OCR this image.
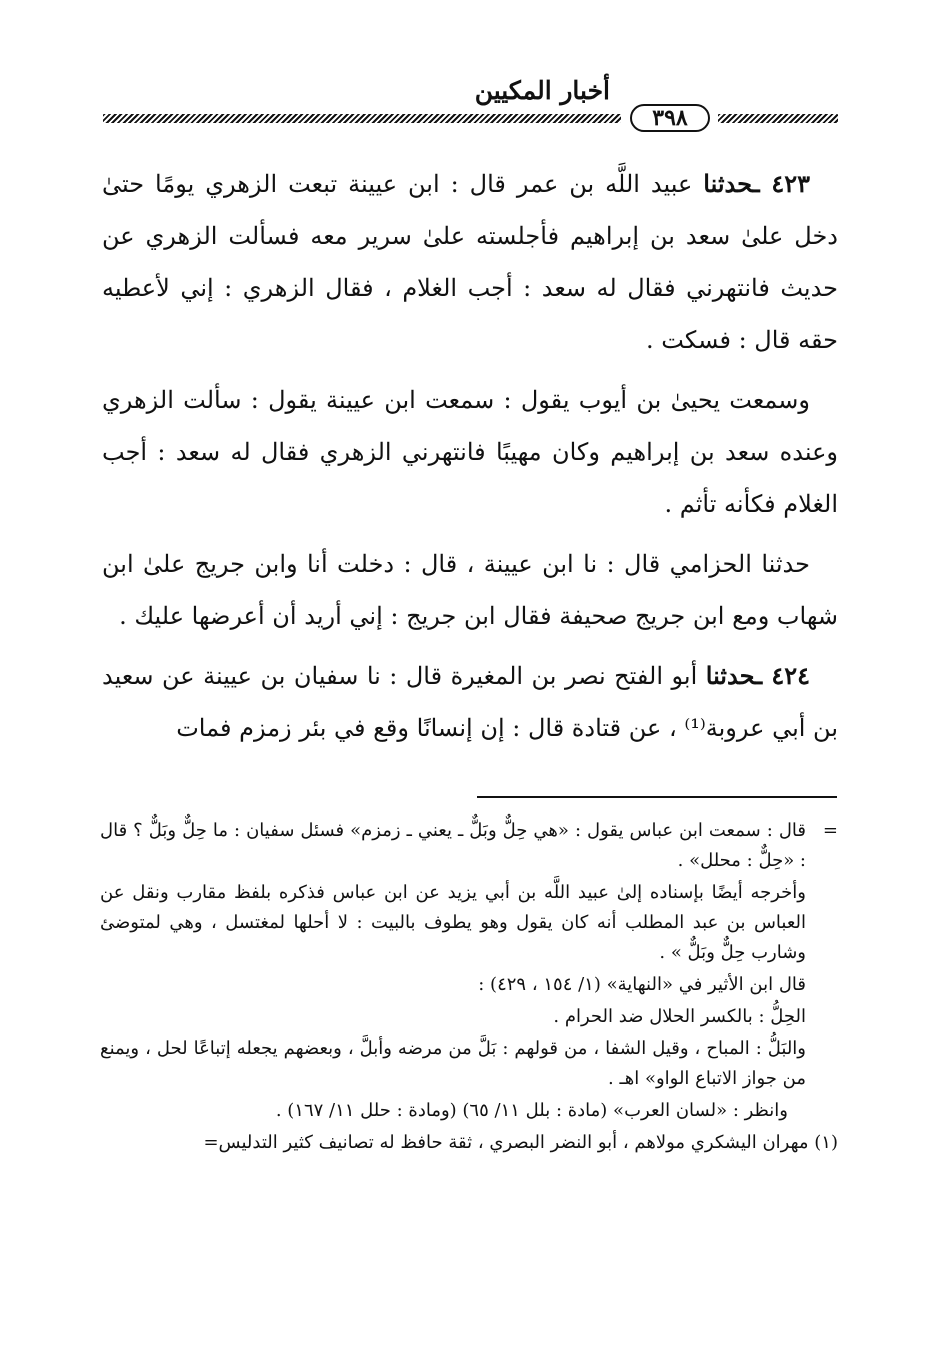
أخبار المكيين
٣٩٨

٤٢٣ ـحدثنا عبيد اللَّه بن عمر قال : ابن عيينة تبعت الزهري يومًا حتىٰ دخل علىٰ سعد بن إبراهيم فأجلسته علىٰ سرير معه فسألت الزهري عن حديث فانتهرني فقال له سعد : أجب الغلام ، فقال الزهري : إني لأعطيه حقه قال : فسكت .

وسمعت يحيىٰ بن أيوب يقول : سمعت ابن عيينة يقول : سألت الزهري وعنده سعد بن إبراهيم وكان مهيبًا فانتهرني الزهري فقال له سعد : أجب الغلام فكأنه تأثم .

حدثنا الحزامي قال : نا ابن عيينة ، قال : دخلت أنا وابن جريج علىٰ ابن شهاب ومع ابن جريج صحيفة فقال ابن جريج : إني أريد أن أعرضها عليك .

٤٢٤ ـحدثنا أبو الفتح نصر بن المغيرة قال : نا سفيان بن عيينة عن سعيد بن أبي عروبة⁽¹⁾ ، عن قتادة قال : إن إنسانًا وقع في بئر زمزم فمات

=
قال : سمعت ابن عباس يقول : «هي حِلٌّ وبَلٌّ ـ يعني ـ زمزم» فسئل سفيان : ما حِلٌّ وبَلٌّ ؟ قال : «حِلٌّ : محلل» .

وأخرجه أيضًا بإسناده إلىٰ عبيد اللَّه بن أبي يزيد عن ابن عباس فذكره بلفظ مقارب ونقل عن العباس بن عبد المطلب أنه كان يقول وهو يطوف بالبيت : لا أحلها لمغتسل ، وهي لمتوضئ وشارب حِلٌّ وبَلٌّ » .

قال ابن الأثير في «النهاية» (١/ ١٥٤ ، ٤٢٩) :

الحِلُّ : بالكسر الحلال ضد الحرام .

والبَلُّ : المباح ، وقيل الشفا ، من قولهم : بَلَّ من مرضه وأبلَّ ، وبعضهم يجعله إتباعًا لحل ، ويمنع من جواز الاتباع الواو» اهـ .

وانظر : «لسان العرب» (مادة : بلل ١١/ ٦٥) (ومادة : حلل ١١/ ١٦٧) .

(١) مهران اليشكري مولاهم ، أبو النضر البصري ، ثقة حافظ له تصانيف كثير التدليس=
